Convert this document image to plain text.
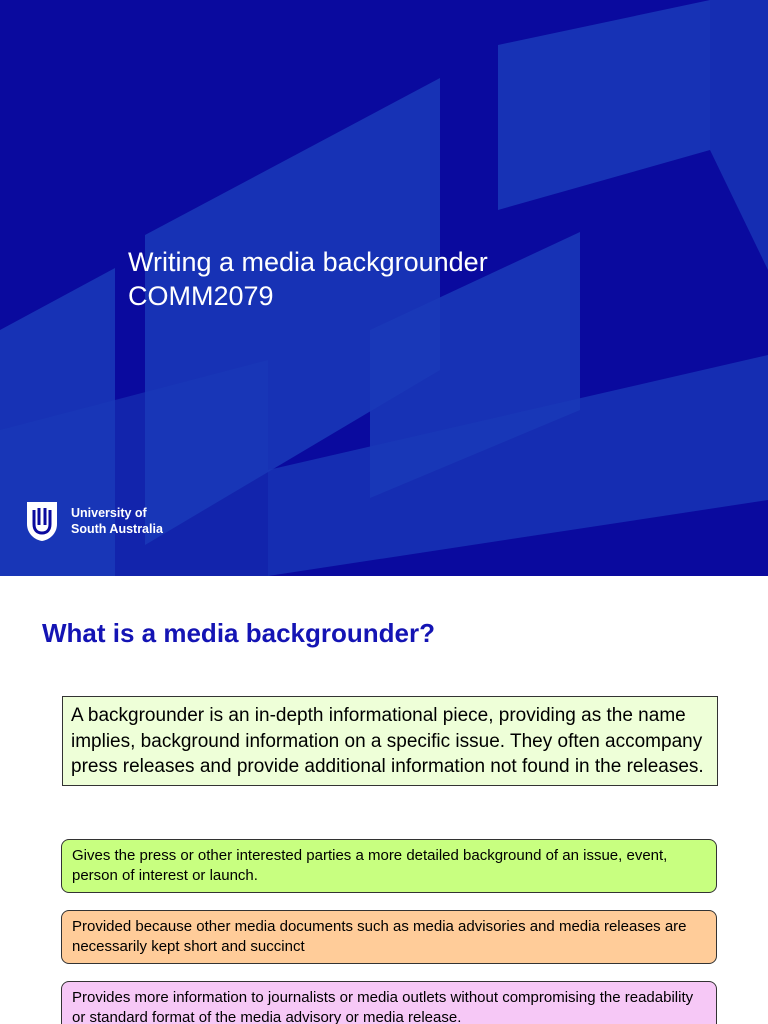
Writing a media backgrounder
COMM2079
University of
South Australia
What is a media backgrounder?
A backgrounder is an in-depth informational piece, providing as the name implies, background information on a specific issue. They often accompany press releases and provide additional information not found in the releases.
Gives the press or other interested parties a more detailed background of an issue, event, person of interest or launch.
Provided because other media documents such as media advisories and media releases are necessarily kept short and succinct
Provides more information to journalists or media outlets without compromising the readability or standard format of the media advisory or media release.
